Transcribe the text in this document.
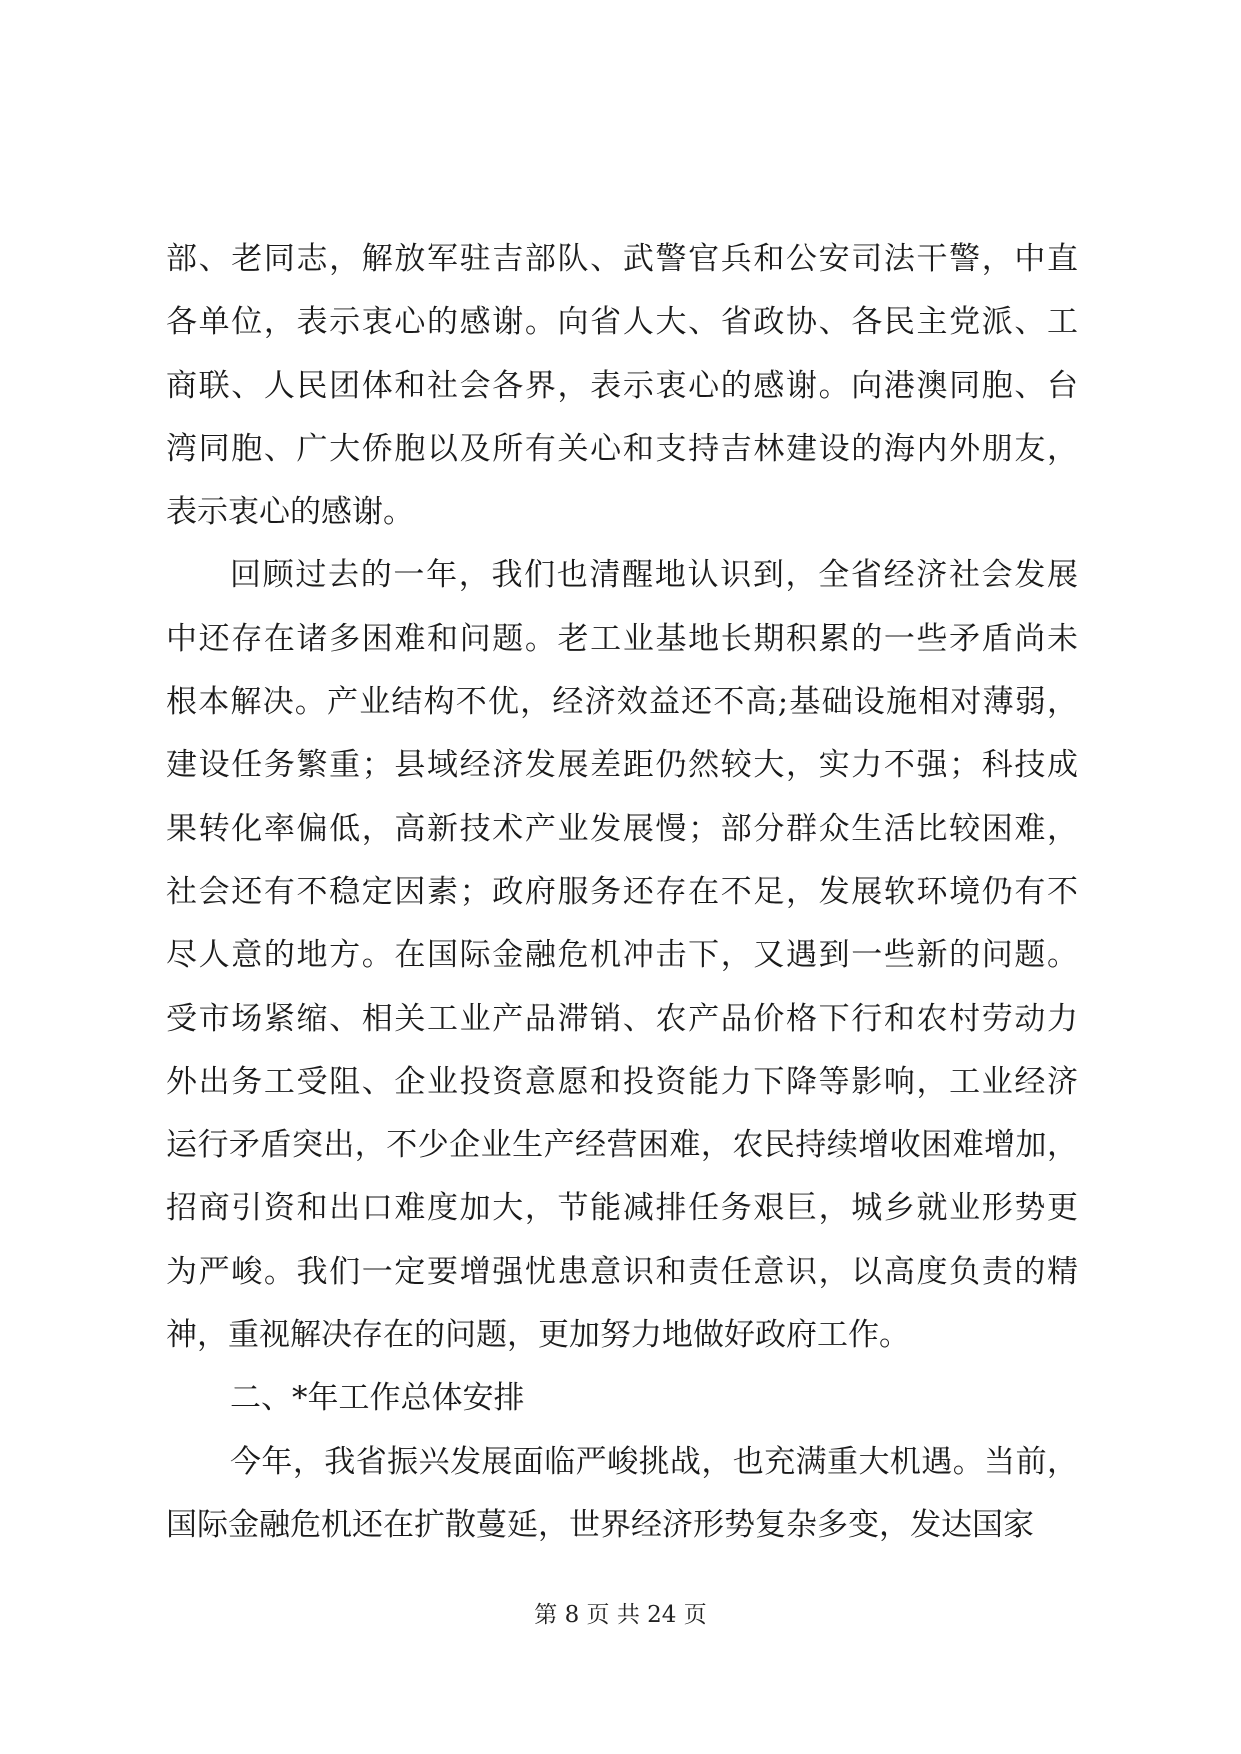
部、老同志，解放军驻吉部队、武警官兵和公安司法干警，中直
各单位，表示衷心的感谢。向省人大、省政协、各民主党派、工
商联、人民团体和社会各界，表示衷心的感谢。向港澳同胞、台
湾同胞、广大侨胞以及所有关心和支持吉林建设的海内外朋友，
表示衷心的感谢。
回顾过去的一年，我们也清醒地认识到，全省经济社会发展
中还存在诸多困难和问题。老工业基地长期积累的一些矛盾尚未
根本解决。产业结构不优，经济效益还不高;基础设施相对薄弱，
建设任务繁重；县域经济发展差距仍然较大，实力不强；科技成
果转化率偏低，高新技术产业发展慢；部分群众生活比较困难，
社会还有不稳定因素；政府服务还存在不足，发展软环境仍有不
尽人意的地方。在国际金融危机冲击下，又遇到一些新的问题。
受市场紧缩、相关工业产品滞销、农产品价格下行和农村劳动力
外出务工受阻、企业投资意愿和投资能力下降等影响，工业经济
运行矛盾突出，不少企业生产经营困难，农民持续增收困难增加，
招商引资和出口难度加大，节能减排任务艰巨，城乡就业形势更
为严峻。我们一定要增强忧患意识和责任意识，以高度负责的精
神，重视解决存在的问题，更加努力地做好政府工作。
二、*年工作总体安排
今年，我省振兴发展面临严峻挑战，也充满重大机遇。当前，
国际金融危机还在扩散蔓延，世界经济形势复杂多变，发达国家
第 8 页 共 24 页
